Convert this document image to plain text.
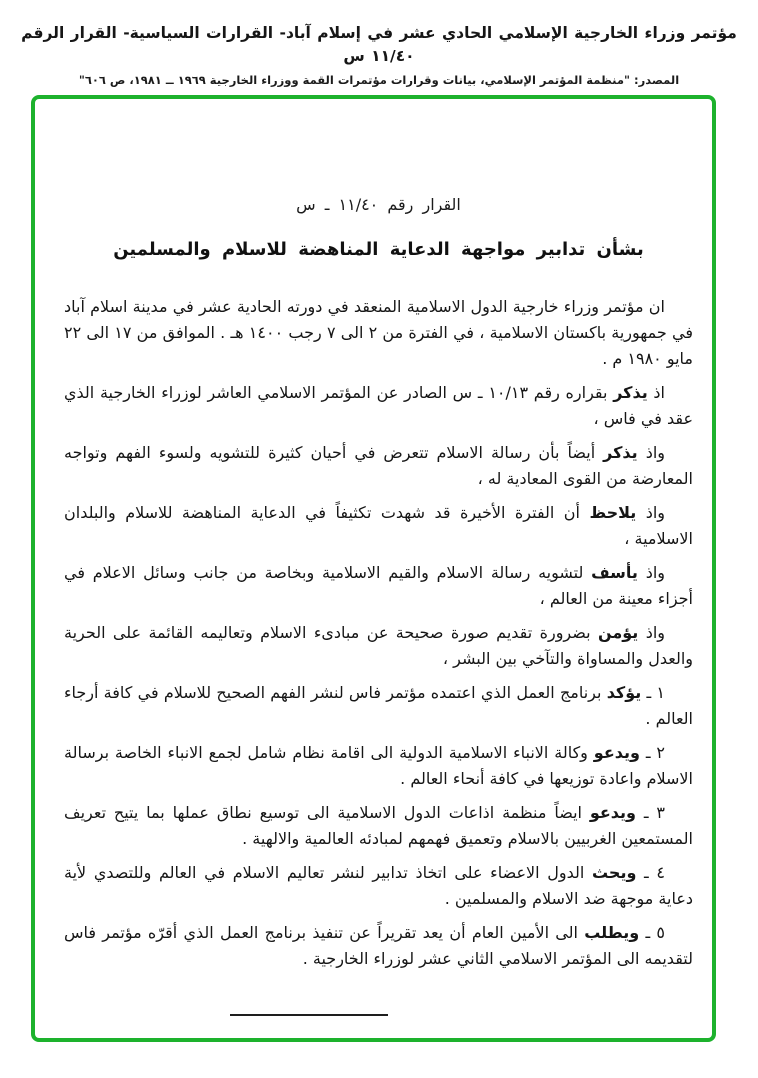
مؤتمر وزراء الخارجية الإسلامي الحادي عشر في إسلام آباد- القرارات السياسية- القرار الرقم ١١/٤٠ س
المصدر: "منظمة المؤتمر الإسلامي، بيانات وقرارات مؤتمرات القمة ووزراء الخارجية ١٩٦٩ ــ ١٩٨١، ص ٦٠٦"
القرار رقم ١١/٤٠ ـ س
بشأن تدابير مواجهة الدعاية المناهضة للاسلام والمسلمين

ان مؤتمر وزراء خارجية الدول الاسلامية المنعقد في دورته الحادية عشر في مدينة اسلام آباد في جمهورية باكستان الاسلامية ، في الفترة من ٢ الى ٧ رجب ١٤٠٠ هـ . الموافق من ١٧ الى ٢٢ مايو ١٩٨٠ م .

اذ يذكر بقراره رقم ١٠/١٣ ـ س الصادر عن المؤتمر الاسلامي العاشر لوزراء الخارجية الذي عقد في فاس ،

واذ يذكر أيضاً بأن رسالة الاسلام تتعرض في أحيان كثيرة للتشويه ولسوء الفهم وتواجه المعارضة من القوى المعادية له ،

واذ يلاحظ أن الفترة الأخيرة قد شهدت تكثيفاً في الدعاية المناهضة للاسلام والبلدان الاسلامية ،

واذ يأسف لتشويه رسالة الاسلام والقيم الاسلامية وبخاصة من جانب وسائل الاعلام في أجزاء معينة من العالم ،

واذ يؤمن بضرورة تقديم صورة صحيحة عن مبادىء الاسلام وتعاليمه القائمة على الحرية والعدل والمساواة والتآخي بين البشر ،

١ ـ يؤكد برنامج العمل الذي اعتمده مؤتمر فاس لنشر الفهم الصحيح للاسلام في كافة أرجاء العالم .

٢ ـ ويدعو وكالة الانباء الاسلامية الدولية الى اقامة نظام شامل لجمع الانباء الخاصة برسالة الاسلام واعادة توزيعها في كافة أنحاء العالم .

٣ ـ ويدعو ايضاً منظمة اذاعات الدول الاسلامية الى توسيع نطاق عملها بما يتيح تعريف المستمعين الغربيين بالاسلام وتعميق فهمهم لمبادئه العالمية والالهية .

٤ ـ ويحث الدول الاعضاء على اتخاذ تدابير لنشر تعاليم الاسلام في العالم وللتصدي لأية دعاية موجهة ضد الاسلام والمسلمين .

٥ ـ ويطلب الى الأمين العام أن يعد تقريراً عن تنفيذ برنامج العمل الذي أقرّه مؤتمر فاس لتقديمه الى المؤتمر الاسلامي الثاني عشر لوزراء الخارجية .
